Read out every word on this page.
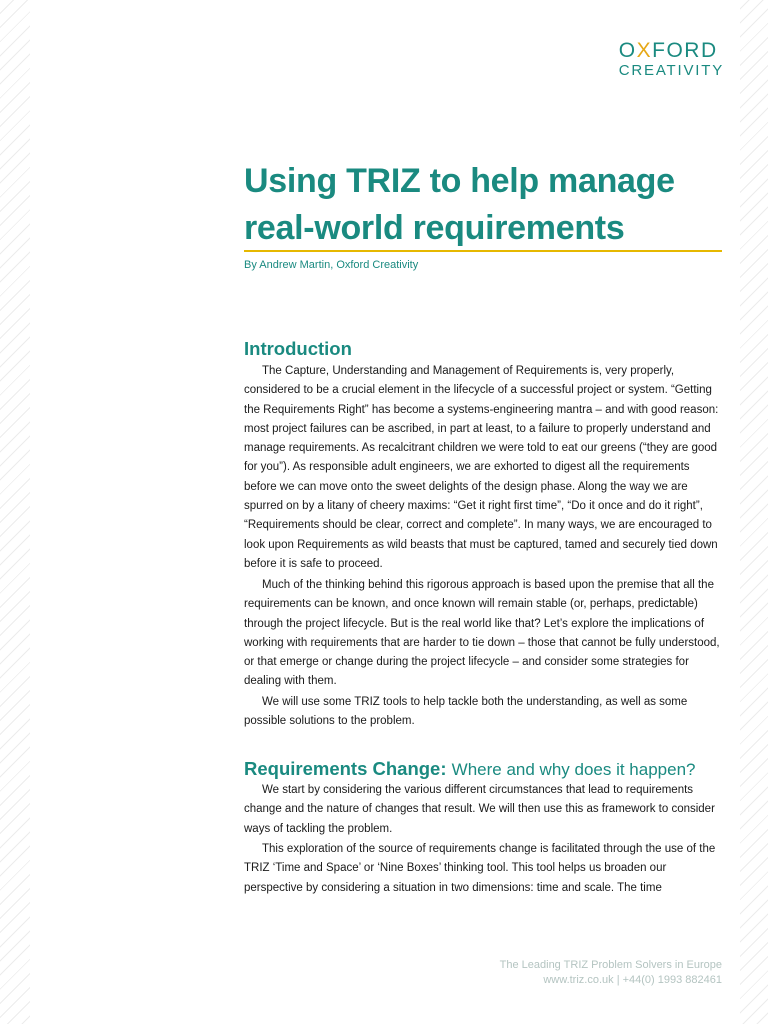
OXFORD
CREATIVITY
Using TRIZ to help manage
real-world requirements
By Andrew Martin, Oxford Creativity
Introduction

The Capture, Understanding and Management of Requirements is, very properly, considered to be a crucial element in the lifecycle of a successful project or system. “Getting the Requirements Right” has become a systems-engineering mantra – and with good reason: most project failures can be ascribed, in part at least, to a failure to properly understand and manage requirements. As recalcitrant children we were told to eat our greens (“they are good for you”). As responsible adult engineers, we are exhorted to digest all the requirements before we can move onto the sweet delights of the design phase. Along the way we are spurred on by a litany of cheery maxims: “Get it right first time”, “Do it once and do it right”, “Requirements should be clear, correct and complete”. In many ways, we are encouraged to look upon Requirements as wild beasts that must be captured, tamed and securely tied down before it is safe to proceed.

Much of the thinking behind this rigorous approach is based upon the premise that all the requirements can be known, and once known will remain stable (or, perhaps, predictable) through the project lifecycle. But is the real world like that? Let’s explore the implications of working with requirements that are harder to tie down – those that cannot be fully understood, or that emerge or change during the project lifecycle – and consider some strategies for dealing with them.

We will use some TRIZ tools to help tackle both the understanding, as well as some possible solutions to the problem.

Requirements Change: Where and why does it happen?

We start by considering the various different circumstances that lead to requirements change and the nature of changes that result. We will then use this as framework to consider ways of tackling the problem.

This exploration of the source of requirements change is facilitated through the use of the TRIZ ‘Time and Space’ or ‘Nine Boxes’ thinking tool. This tool helps us broaden our perspective by considering a situation in two dimensions: time and scale. The time

The Leading TRIZ Problem Solvers in Europe
www.triz.co.uk | +44(0) 1993 882461
